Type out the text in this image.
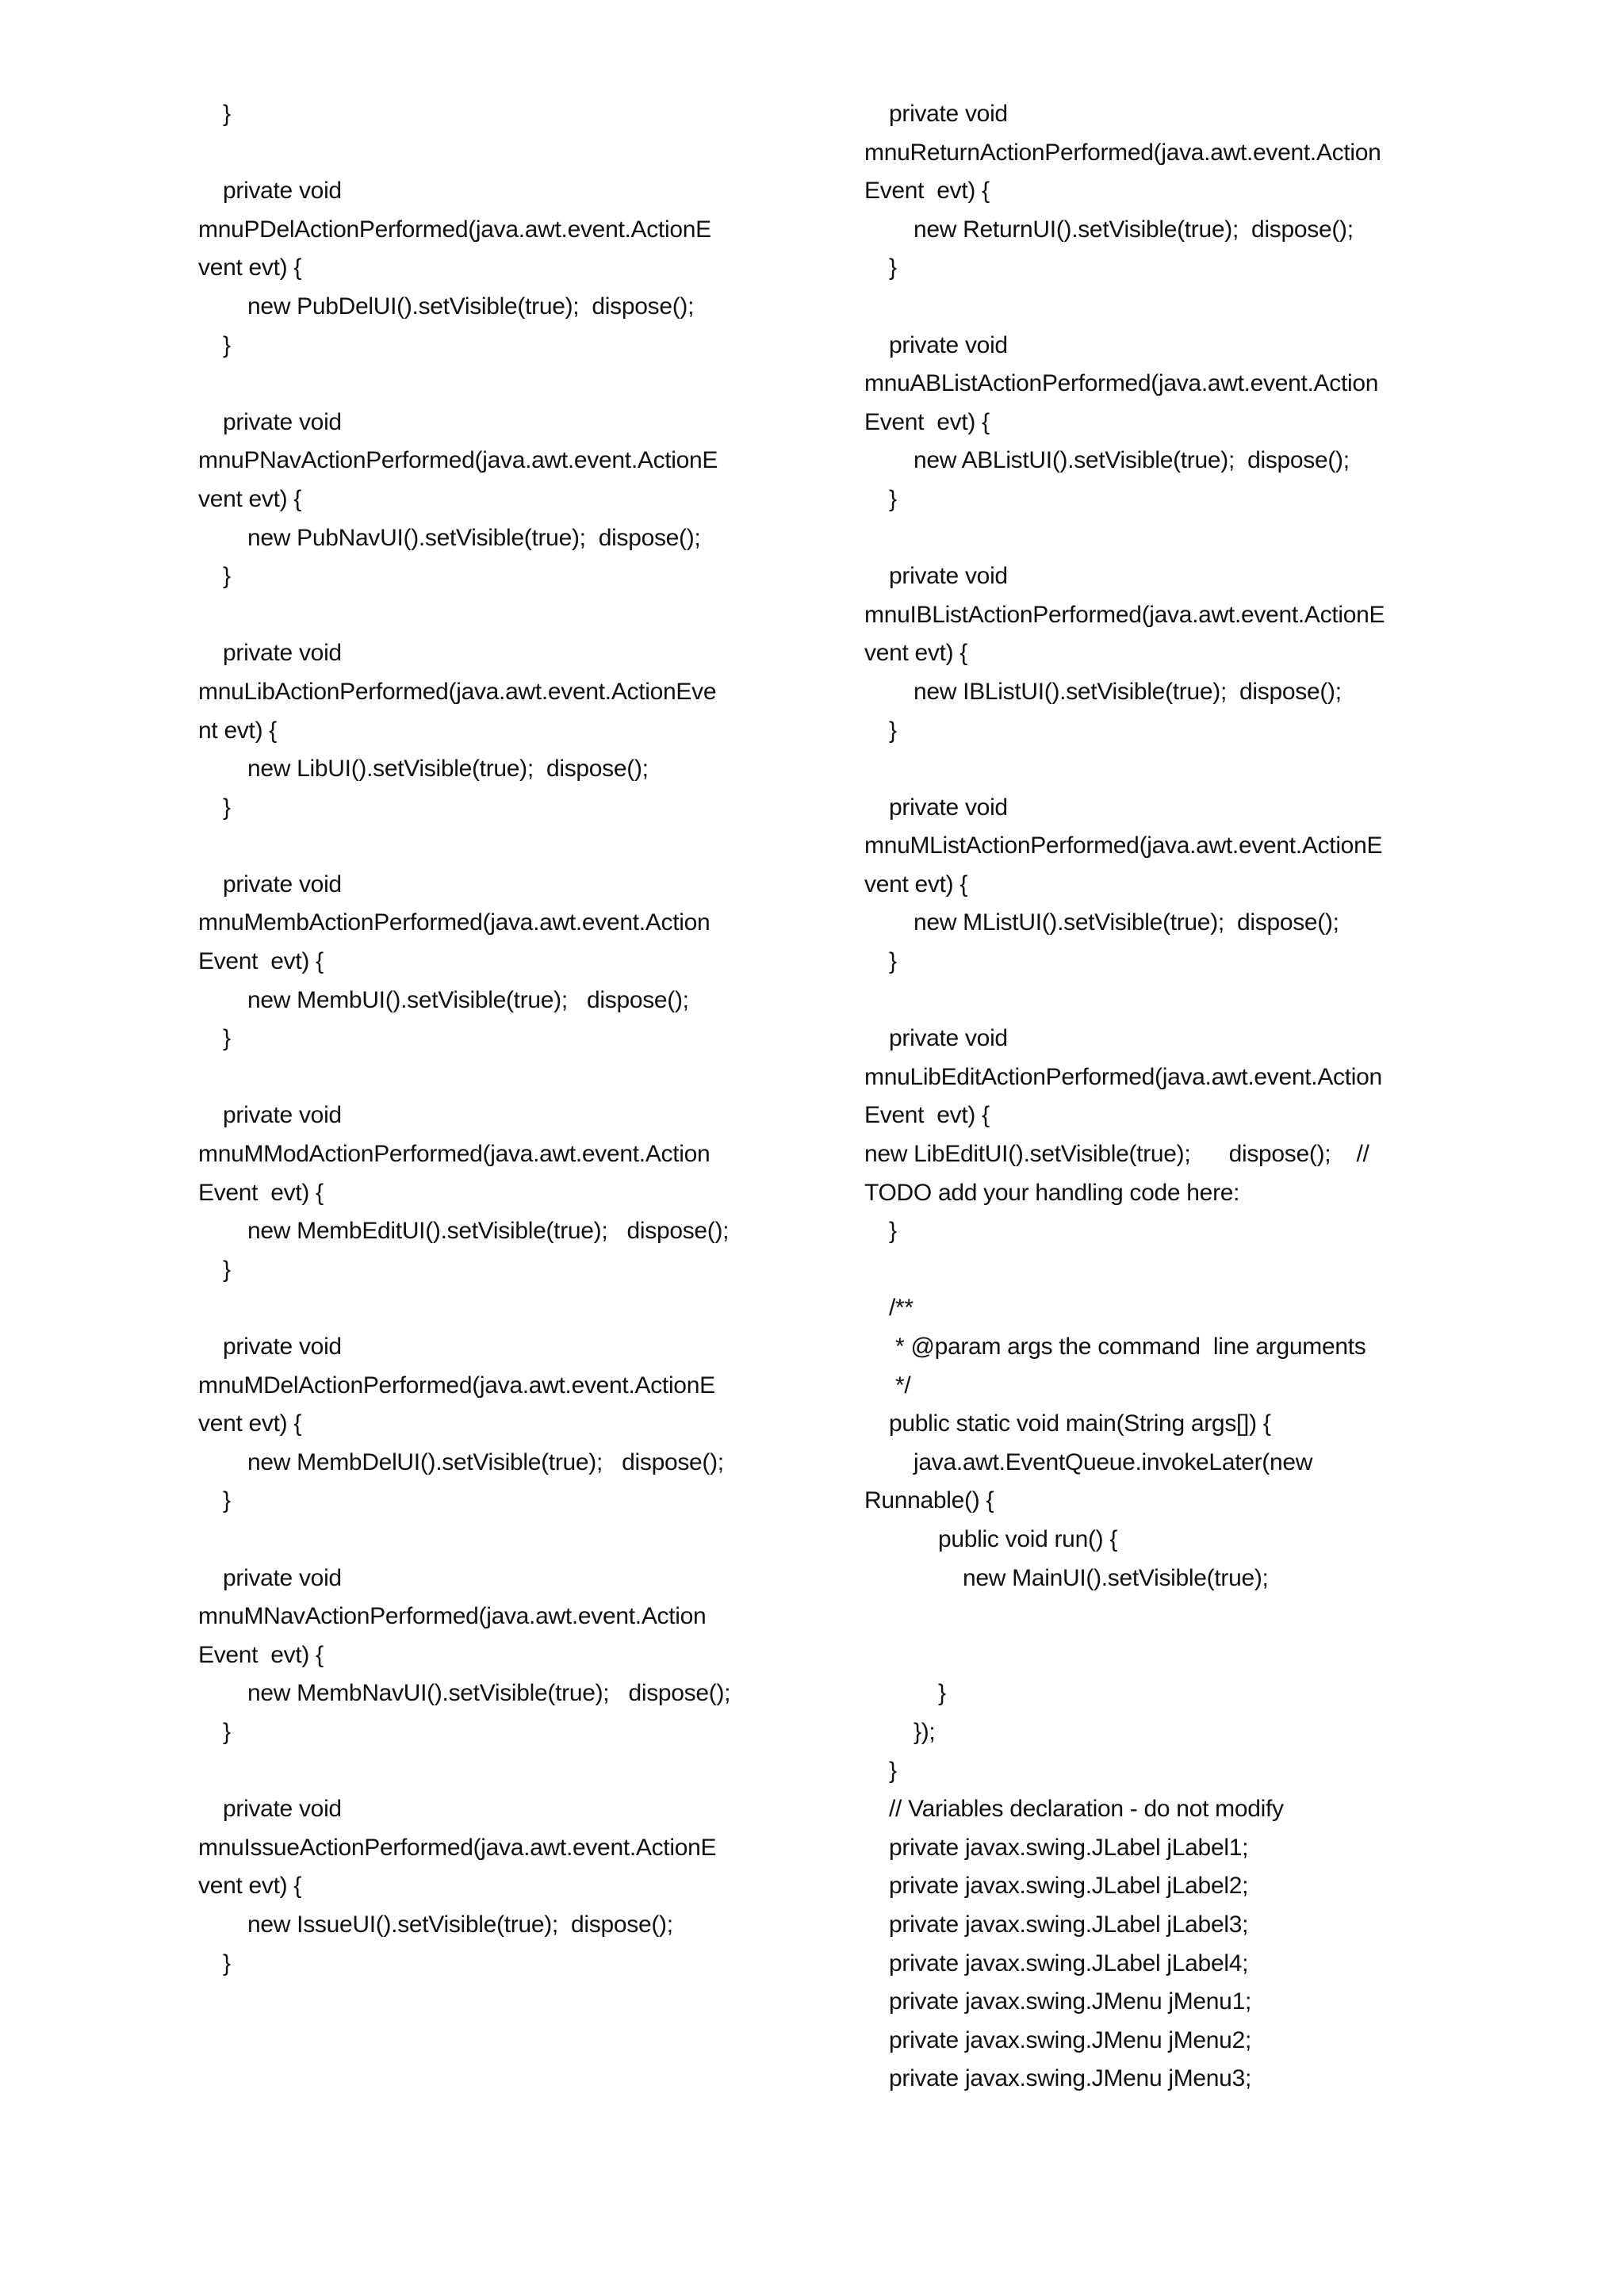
}
private void
mnuPDelActionPerformed(java.awt.event.ActionE
vent evt) {
new PubDelUI().setVisible(true);  dispose();
}
private void
mnuPNavActionPerformed(java.awt.event.ActionE
vent evt) {
new PubNavUI().setVisible(true);  dispose();
}
private void
mnuLibActionPerformed(java.awt.event.ActionEve
nt evt) {
new LibUI().setVisible(true);  dispose();
}
private void
mnuMembActionPerformed(java.awt.event.Action
Event  evt) {
new MembUI().setVisible(true);   dispose();
}
private void
mnuMModActionPerformed(java.awt.event.Action
Event  evt) {
new MembEditUI().setVisible(true);   dispose();
}
private void
mnuMDelActionPerformed(java.awt.event.ActionE
vent evt) {
new MembDelUI().setVisible(true);   dispose();
}
private void
mnuMNavActionPerformed(java.awt.event.Action
Event  evt) {
new MembNavUI().setVisible(true);   dispose();
}
private void
mnuIssueActionPerformed(java.awt.event.ActionE
vent evt) {
new IssueUI().setVisible(true);  dispose();
}
private void
mnuReturnActionPerformed(java.awt.event.Action
Event  evt) {
new ReturnUI().setVisible(true);  dispose();
}
private void
mnuABListActionPerformed(java.awt.event.Action
Event  evt) {
new ABListUI().setVisible(true);  dispose();
}
private void
mnuIBListActionPerformed(java.awt.event.ActionE
vent evt) {
new IBListUI().setVisible(true);  dispose();
}
private void
mnuMListActionPerformed(java.awt.event.ActionE
vent evt) {
new MListUI().setVisible(true);  dispose();
}
private void
mnuLibEditActionPerformed(java.awt.event.Action
Event  evt) {
new LibEditUI().setVisible(true);      dispose();    //
TODO add your handling code here:
}
/**
* @param args the command  line arguments
*/
public static void main(String args[]) {
java.awt.EventQueue.invokeLater(new
Runnable() {
public void run() {
new MainUI().setVisible(true);
}
});
}
// Variables declaration - do not modify
private javax.swing.JLabel jLabel1;
private javax.swing.JLabel jLabel2;
private javax.swing.JLabel jLabel3;
private javax.swing.JLabel jLabel4;
private javax.swing.JMenu jMenu1;
private javax.swing.JMenu jMenu2;
private javax.swing.JMenu jMenu3;
